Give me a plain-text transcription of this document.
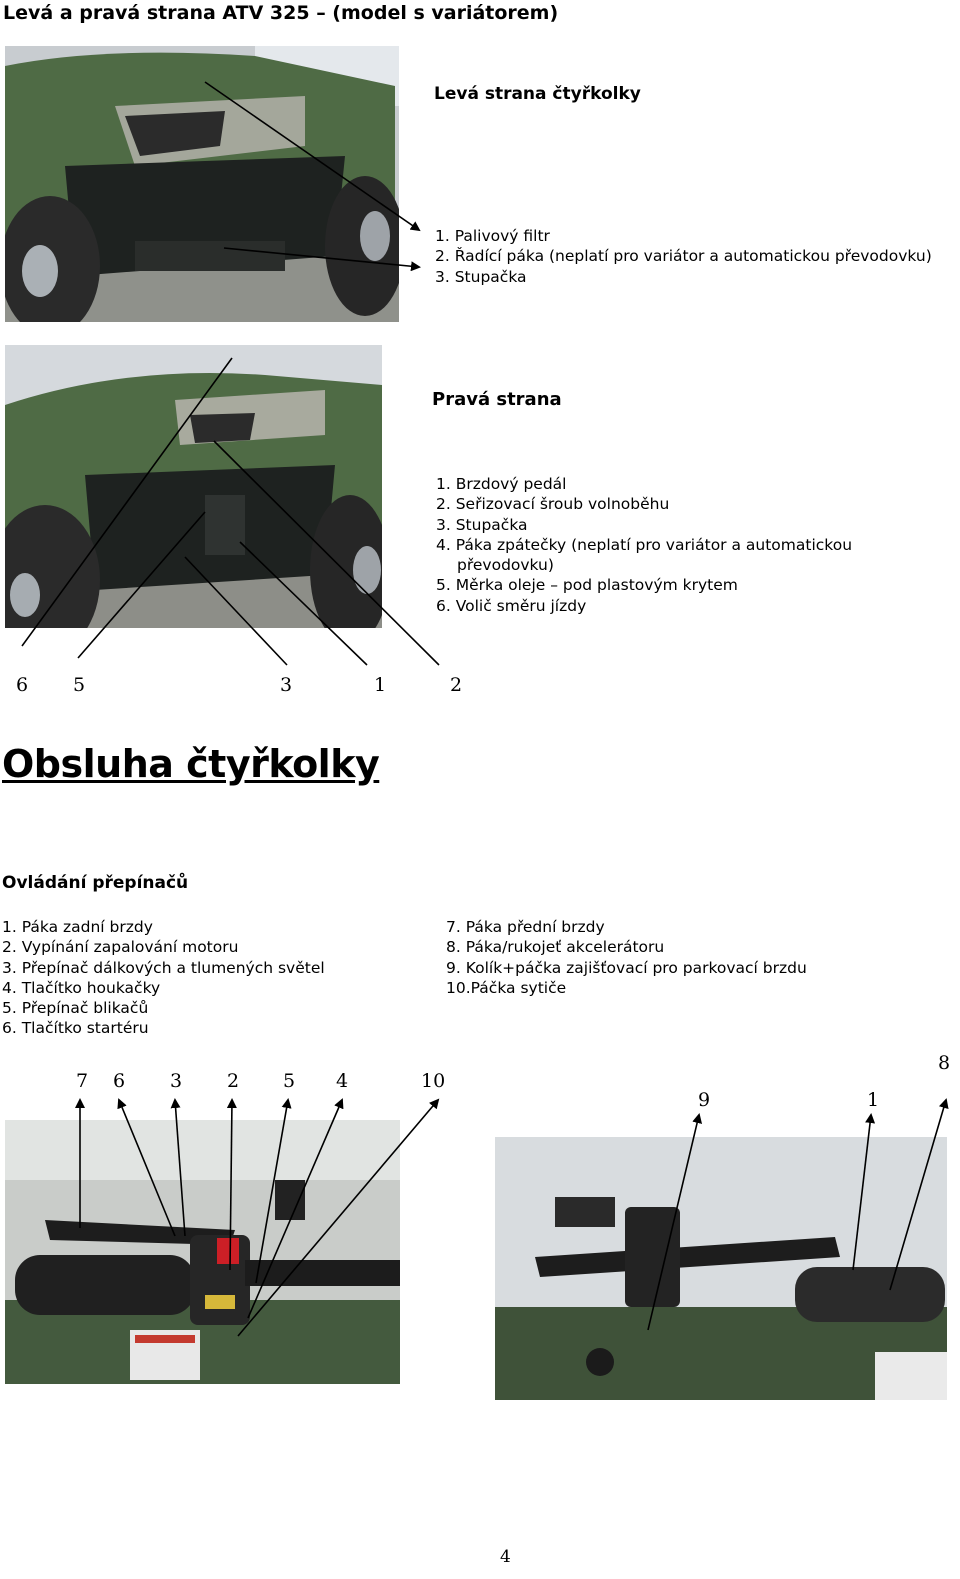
Levá a pravá strana ATV 325 – (model s variátorem)
Levá strana čtyřkolky
1. Palivový filtr
2. Řadící páka (neplatí pro variátor a automatickou převodovku)
3. Stupačka
Pravá strana
1. Brzdový pedál
2. Seřizovací šroub volnoběhu
3. Stupačka
4. Páka zpátečky (neplatí pro variátor a automatickou
převodovku)
5. Měrka oleje – pod plastovým krytem
6. Volič směru jízdy
6 5	3	1	2
Obsluha čtyřkolky
Ovládání přepínačů
1. Páka zadní brzdy
2. Vypínání zapalování motoru
3. Přepínač dálkových a tlumených světel
4. Tlačítko houkačky
5. Přepínač blikačů
6. Tlačítko startéru
7. Páka přední brzdy
8. Páka/rukojeť akcelerátoru
9. Kolík+páčka zajišťovací pro parkovací brzdu
10.Páčka sytiče
7 6 3 2 5 4	10
9	1
8
4
